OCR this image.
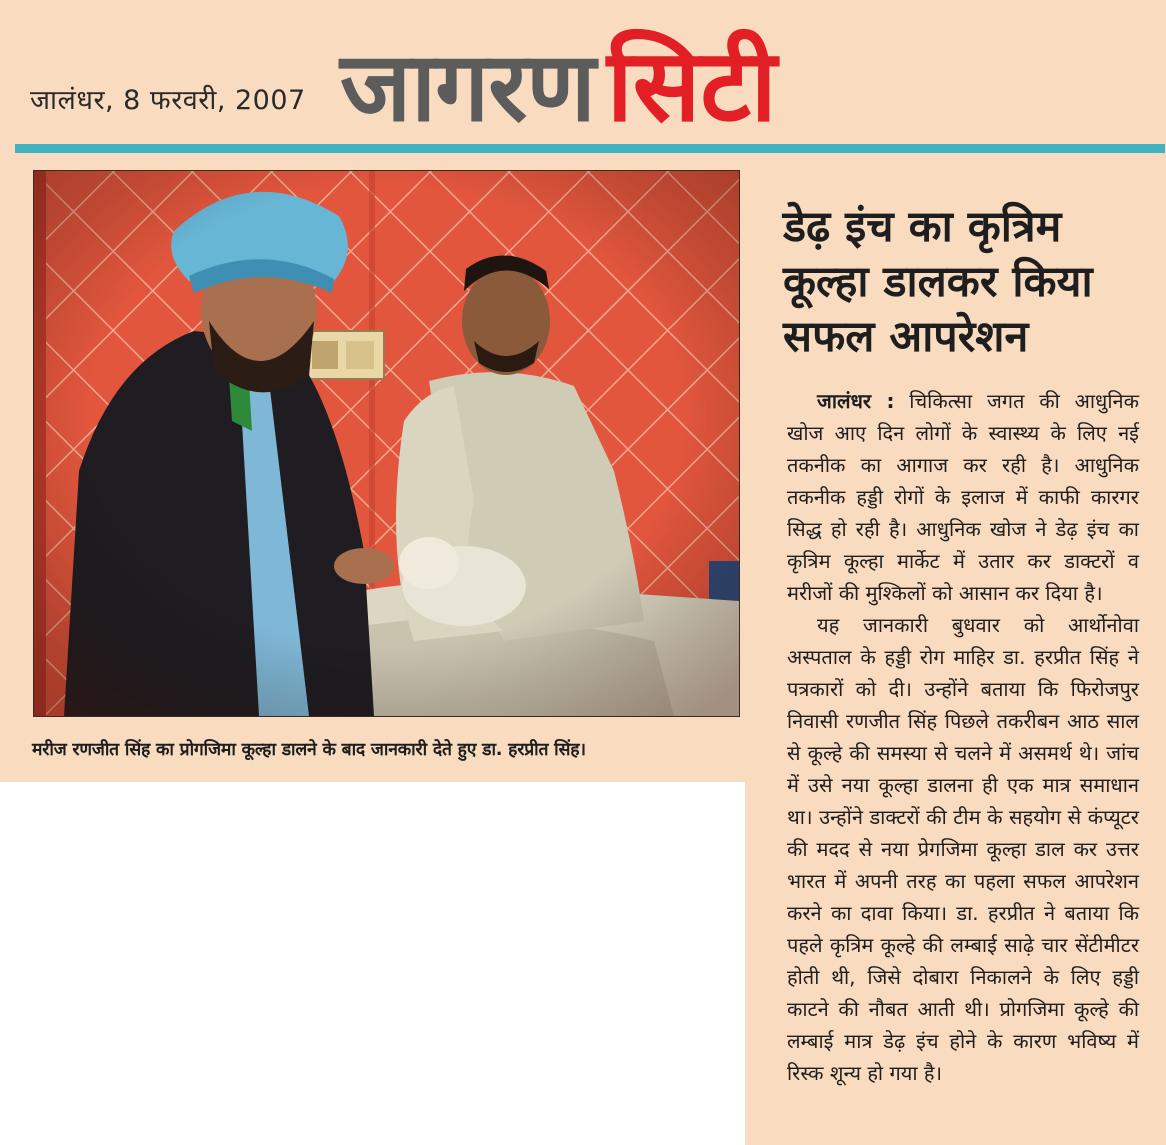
जालंधर, 8 फरवरी, 2007 जागरण सिटी
मरीज रणजीत सिंह का प्रोगजिमा कूल्हा डालने के बाद जानकारी देते हुए डा. हरप्रीत सिंह।
डेढ़ इंच का कृत्रिम कूल्हा डालकर किया सफल आपरेशन

जालंधर : चिकित्सा जगत की आधुनिक खोज आए दिन लोगों के स्वास्थ्य के लिए नई तकनीक का आगाज कर रही है। आधुनिक तकनीक हड्डी रोगों के इलाज में काफी कारगर सिद्ध हो रही है। आधुनिक खोज ने डेढ़ इंच का कृत्रिम कूल्हा मार्केट में उतार कर डाक्टरों व मरीजों की मुश्किलों को आसान कर दिया है।

यह जानकारी बुधवार को आर्थोनोवा अस्पताल के हड्डी रोग माहिर डा. हरप्रीत सिंह ने पत्रकारों को दी। उन्होंने बताया कि फिरोजपुर निवासी रणजीत सिंह पिछले तकरीबन आठ साल से कूल्हे की समस्या से चलने में असमर्थ थे। जांच में उसे नया कूल्हा डालना ही एक मात्र समाधान था। उन्होंने डाक्टरों की टीम के सहयोग से कंप्यूटर की मदद से नया प्रेगजिमा कूल्हा डाल कर उत्तर भारत में अपनी तरह का पहला सफल आपरेशन करने का दावा किया। डा. हरप्रीत ने बताया कि पहले कृत्रिम कूल्हे की लम्बाई साढ़े चार सेंटीमीटर होती थी, जिसे दोबारा निकालने के लिए हड्डी काटने की नौबत आती थी। प्रोगजिमा कूल्हे की लम्बाई मात्र डेढ़ इंच होने के कारण भविष्य में रिस्क शून्य हो गया है।
